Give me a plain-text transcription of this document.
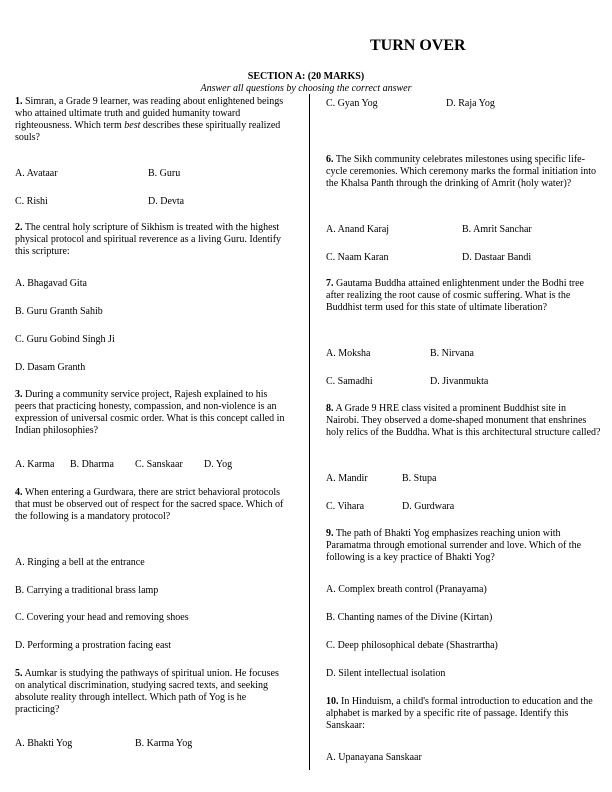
TURN OVER
SECTION A: (20 MARKS)
Answer all questions by choosing the correct answer
1. Simran, a Grade 9 learner, was reading about enlightened beings who attained ultimate truth and guided humanity toward righteousness. Which term best describes these spiritually realized souls?
A. Avataar	B. Guru
C. Rishi	D. Devta
2. The central holy scripture of Sikhism is treated with the highest physical protocol and spiritual reverence as a living Guru. Identify this scripture:
A. Bhagavad Gita
B. Guru Granth Sahib
C. Guru Gobind Singh Ji
D. Dasam Granth
3. During a community service project, Rajesh explained to his peers that practicing honesty, compassion, and non-violence is an expression of universal cosmic order. What is this concept called in Indian philosophies?
A. Karma B. Dharma C. Sanskaar D. Yog
4. When entering a Gurdwara, there are strict behavioral protocols that must be observed out of respect for the sacred space. Which of the following is a mandatory protocol?
A. Ringing a bell at the entrance
B. Carrying a traditional brass lamp
C. Covering your head and removing shoes
D. Performing a prostration facing east
5. Aumkar is studying the pathways of spiritual union. He focuses on analytical discrimination, studying sacred texts, and seeking absolute reality through intellect. Which path of Yog is he practicing?
A. Bhakti Yog	B. Karma Yog
C. Gyan Yog	D. Raja Yog
6. The Sikh community celebrates milestones using specific life-cycle ceremonies. Which ceremony marks the formal initiation into the Khalsa Panth through the drinking of Amrit (holy water)?
A. Anand Karaj	B. Amrit Sanchar
C. Naam Karan	D. Dastaar Bandi
7. Gautama Buddha attained enlightenment under the Bodhi tree after realizing the root cause of cosmic suffering. What is the Buddhist term used for this state of ultimate liberation?
A. Moksha	B. Nirvana
C. Samadhi	D. Jivanmukta
8. A Grade 9 HRE class visited a prominent Buddhist site in Nairobi. They observed a dome-shaped monument that enshrines holy relics of the Buddha. What is this architectural structure called?
A. Mandir	B. Stupa
C. Vihara	D. Gurdwara
9. The path of Bhakti Yog emphasizes reaching union with Paramatma through emotional surrender and love. Which of the following is a key practice of Bhakti Yog?
A. Complex breath control (Pranayama)
B. Chanting names of the Divine (Kirtan)
C. Deep philosophical debate (Shastrartha)
D. Silent intellectual isolation
10. In Hinduism, a child's formal introduction to education and the alphabet is marked by a specific rite of passage. Identify this Sanskaar:
A. Upanayana Sanskaar
